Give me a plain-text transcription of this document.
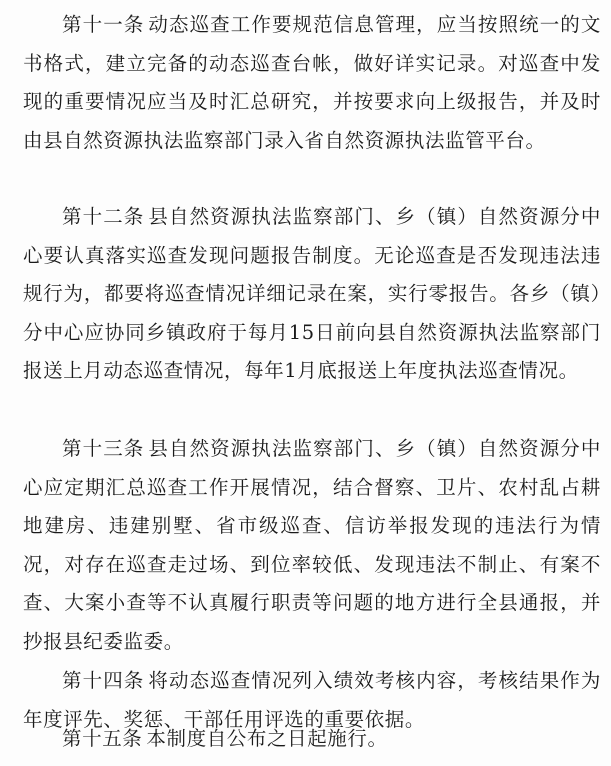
第十一条 动态巡查工作要规范信息管理，应当按照统一的文书格式，建立完备的动态巡查台帐，做好详实记录。对巡查中发现的重要情况应当及时汇总研究，并按要求向上级报告，并及时由县自然资源执法监察部门录入省自然资源执法监管平台。

第十二条 县自然资源执法监察部门、乡（镇）自然资源分中心要认真落实巡查发现问题报告制度。无论巡查是否发现违法违规行为，都要将巡查情况详细记录在案，实行零报告。各乡（镇）分中心应协同乡镇政府于每月15日前向县自然资源执法监察部门报送上月动态巡查情况，每年1月底报送上年度执法巡查情况。

第十三条 县自然资源执法监察部门、乡（镇）自然资源分中心应定期汇总巡查工作开展情况，结合督察、卫片、农村乱占耕地建房、违建别墅、省市级巡查、信访举报发现的违法行为情况，对存在巡查走过场、到位率较低、发现违法不制止、有案不查、大案小查等不认真履行职责等问题的地方进行全县通报，并抄报县纪委监委。

第十四条 将动态巡查情况列入绩效考核内容，考核结果作为年度评先、奖惩、干部任用评选的重要依据。

第十五条 本制度自公布之日起施行。
